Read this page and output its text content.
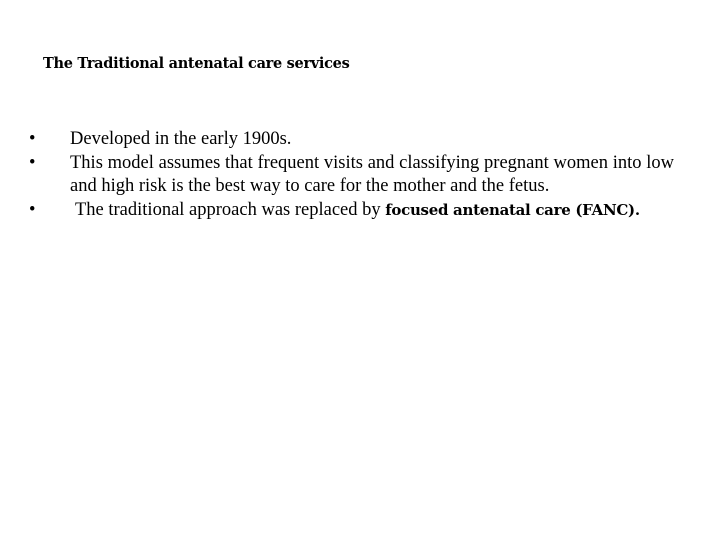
The Traditional antenatal care services
•	Developed in the early 1900s.
•	This model assumes that frequent visits and classifying pregnant women into low and high risk is the best way to care for the mother and the fetus.
•	The traditional approach was replaced by focused antenatal care (FANC).
